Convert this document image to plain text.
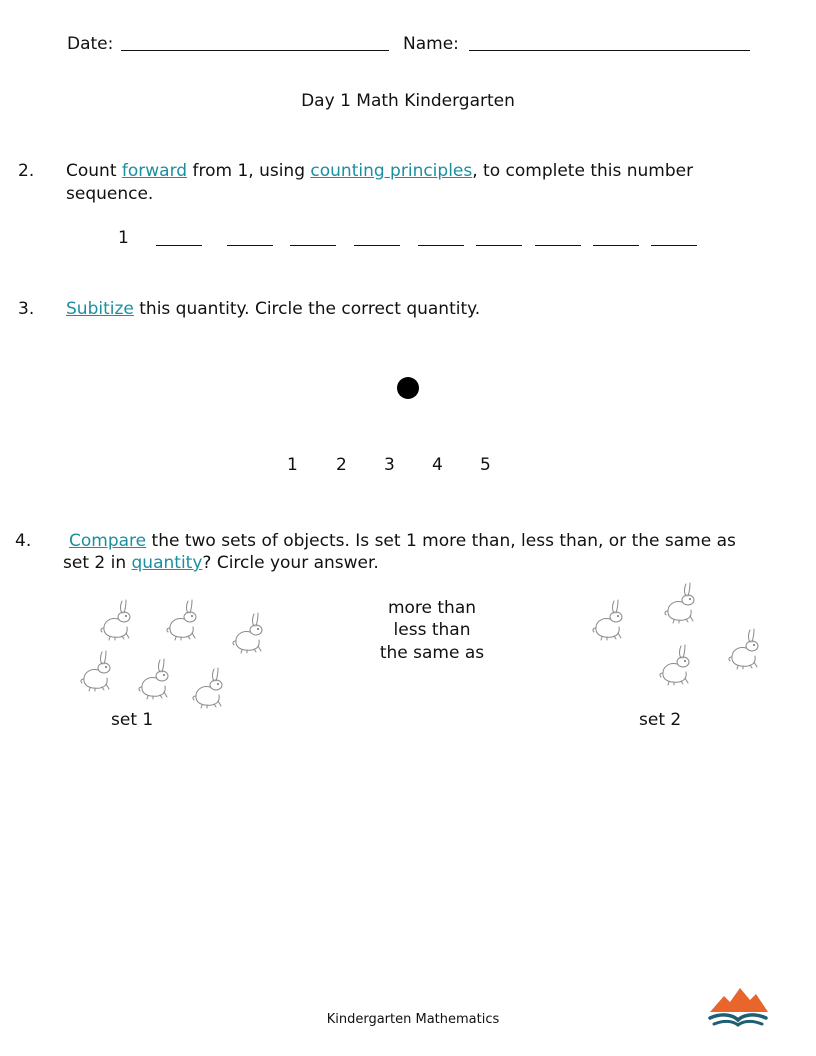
Date:	Name:
Day 1 Math Kindergarten
2. Count forward from 1, using counting principles, to complete this number
sequence.
1
3. Subitize this quantity. Circle the correct quantity.
1 2 3 4 5
4. Compare the two sets of objects. Is set 1 more than, less than, or the same as
set 2 in quantity? Circle your answer.
more than
less than
the same as
set 1	set 2
Kindergarten Mathematics
